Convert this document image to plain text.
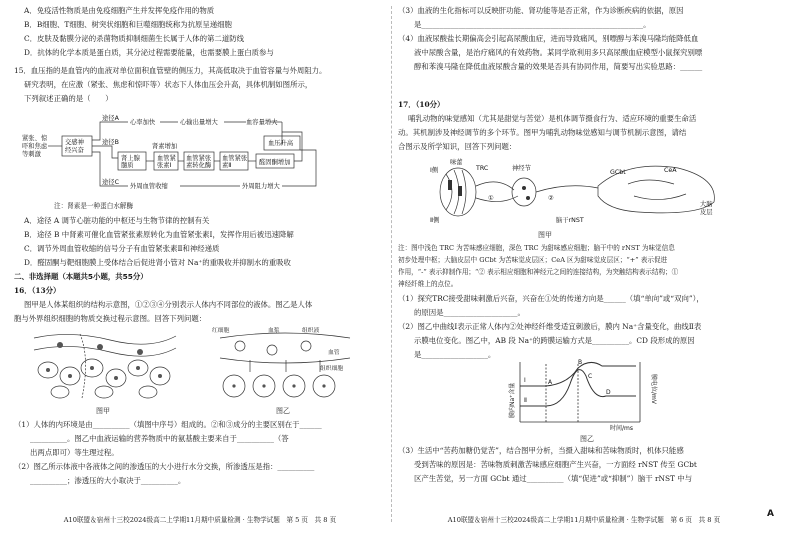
A．免疫活性物质是由免疫细胞产生并发挥免疫作用的物质
B．B细胞、T细胞、树突状细胞和巨噬细胞统称为抗原呈递细胞
C．皮肤及黏膜分泌的杀菌物质抑制细菌生长属于人体的第二道防线
D．抗体的化学本质是蛋白质，其分泌过程需要能量，也需要膜上蛋白质参与
15．血压指的是血管内的血液对单位面积血管壁的侧压力，其高低取决于血管容量与外周阻力。
研究表明，在应激（紧张、焦虑和惊吓等）状态下人体血压会升高，具体机制如图所示，
下列叙述正确的是（　　）
紧张、惊
吓和焦虑
等刺激
交感神
经兴奋
途径A
途径B
途径C
心率加快	心输出量增大	血容量增大
血压升高
肾上腺
髓质
血管紧
张素Ⅰ
血管紧张
素转化酶
血管紧张
素Ⅱ	醛固酮增加
肾素增加
外周血管收缩	外周阻力增大
注：肾素是一种蛋白水解酶
A．途径 A 调节心脏功能的中枢还与生物节律的控制有关
B．途径 B 中肾素可催化血管紧张素原转化为血管紧张素Ⅰ，发挥作用后被迅速降解
C．调节外周血管收缩的信号分子有血管紧张素Ⅱ和神经递质
D．醛固酮与靶细胞膜上受体结合后促进肾小管对 Na⁺的重吸收并抑制水的重吸收
二、非选择题（本题共5小题，共55分）
16．（13分）
图甲是人体某组织的结构示意图，①②③④分别表示人体内不同部位的液体。图乙是人体
胞与外界组织细胞的物质交换过程示意图。回答下列问题：
图甲
红细胞	血浆	组织液
血管
组织细胞
图乙
（1）人体的内环境是由__________（填图中序号）组成的。②和③成分的主要区别在于______
__________。图乙中血液运输的营养物质中的氨基酸主要来自于__________（答
出两点即可）等生理过程。
（2）图乙所示体液中各液体之间的渗透压的大小进行水分交换，所渗透压是指：__________
__________；渗透压的大小取决于__________。
A10联盟＆宿州十三校2024级高二上学期11月期中质量检测 · 生物学试题　第 5 页　共 8 页
（3）血液的生化指标可以反映肝功能、肾功能等是否正常，作为诊断疾病的依据，原因
是____________________________________________________________。
（4）血液尿酸盐长期偏高会引起高尿酸血症，进而导致痛风，别嘌醇与苯溴马隆均能降低血
液中尿酸含量，是治疗痛风的有效药物。某同学欲利用多只高尿酸血症模型小鼠探究别嘌
醇和苯溴马隆在降低血液尿酸含量的效果是否具有协同作用，简要写出实验思路：______
17．（10分）
哺乳动物的味觉感知（尤其是甜觉与苦觉）是机体调节摄食行为、适应环境的重要生命活
动。其机制涉及神经调节的多个环节。图甲为哺乳动物味觉感知与调节机制示意图，请结
合图示及所学知识，回答下列问题：
Ⅰ侧
Ⅱ侧
味蕾
TRC	神经节
GCbt	CeA
大脑
皮层
脑干rNST
①	②
图甲
注：图中浅色 TRC 为苦味感应细胞，深色 TRC 为甜味感应细胞；脑干中的 rNST 为味觉信息
初步处理中枢；大脑皮层中 GCbt 为苦味觉皮层区；CeA 区为甜味觉皮层区；“+” 表示促进
作用，“-” 表示抑制作用；“② 表示相应细胞和神经元之间的连接结构，为突触结构表示结构；①
神经纤维上的点位。
（1）探究TRC接受甜味刺激后兴奋，兴奋在①处的传递方向是______（填“单向”或“双向”），
的原因是____________________。
（2）图乙中曲线Ⅰ表示正常人体内②处神经纤维受适宜刺激后，膜内 Na⁺含量变化，曲线Ⅱ表
示膜电位变化。图乙中，AB 段 Na⁺的跨膜运输方式是__________。CD 段形成的原因
是__________________。
A
B
C
D
Ⅰ
Ⅱ
时间/ms
膜内Na⁺含量	膜电位/mV
图乙
（3）生活中“苦药加糖仍觉苦”，结合图甲分析，当摄入甜味和苦味物质时，机体只能感
受到苦味的原因是：苦味物质刺激苦味感应细胞产生兴奋，一方面经 rNST 传至 GCbt
区产生苦觉，另一方面 GCbt 通过__________（填“促进”或“抑制”）脑干 rNST 中与
A10联盟＆宿州十三校2024级高二上学期11月期中质量检测 · 生物学试题　第 6 页　共 8 页
A
